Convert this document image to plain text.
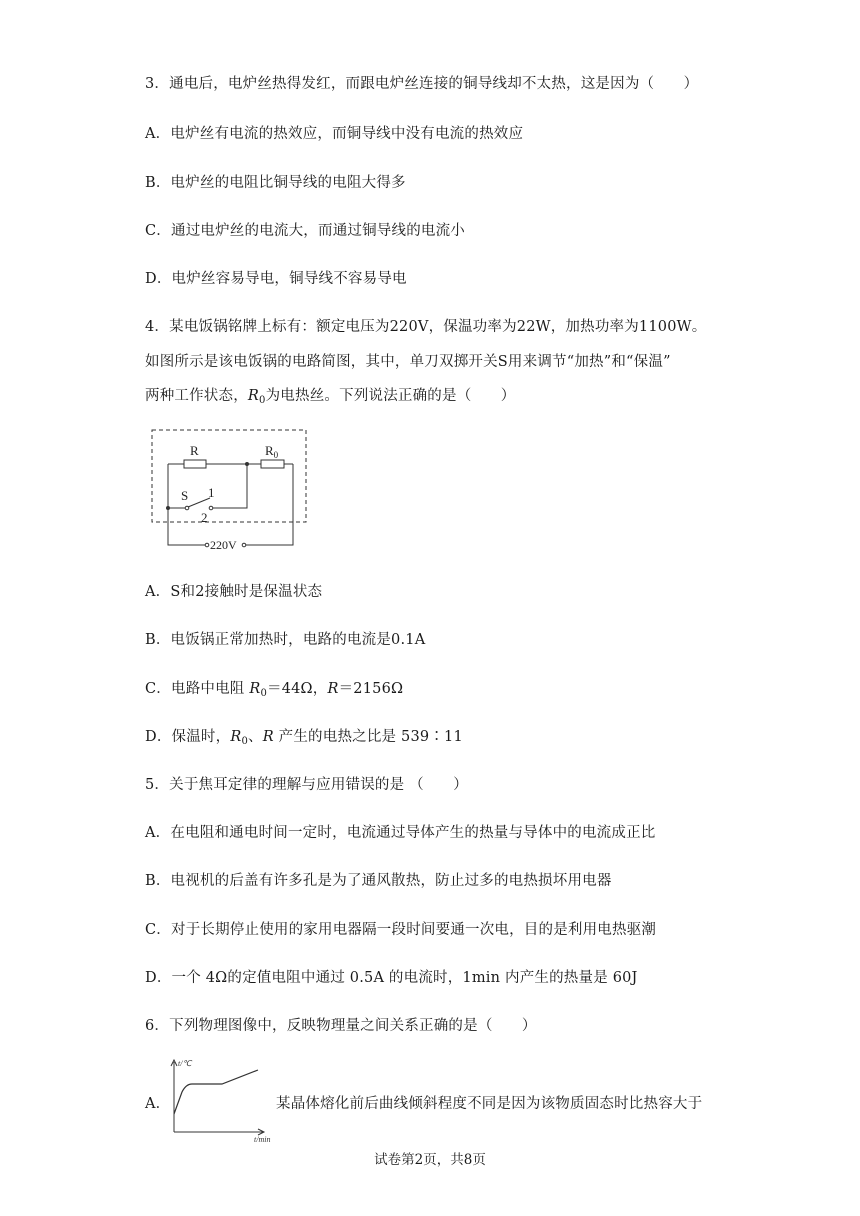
3．通电后，电炉丝热得发红，而跟电炉丝连接的铜导线却不太热，这是因为（　　）
A．电炉丝有电流的热效应，而铜导线中没有电流的热效应
B．电炉丝的电阻比铜导线的电阻大得多
C．通过电炉丝的电流大，而通过铜导线的电流小
D．电炉丝容易导电，铜导线不容易导电
4．某电饭锅铭牌上标有：额定电压为220V，保温功率为22W，加热功率为1100W。
如图所示是该电饭锅的电路简图，其中，单刀双掷开关S用来调节“加热”和“保温”
两种工作状态，$R_0$为电热丝。下列说法正确的是（　　）
R	$R_0$
S 1
2
220V
A．S和2接触时是保温状态
B．电饭锅正常加热时，电路的电流是0.1A
C．电路中电阻 $R_0=44\Omega$，R＝2156Ω
D．保温时，$R_0$、R 产生的电热之比是 539∶11
5．关于焦耳定律的理解与应用错误的是 （　　）
A．在电阻和通电时间一定时，电流通过导体产生的热量与导体中的电流成正比
B．电视机的后盖有许多孔是为了通风散热，防止过多的电热损坏用电器
C．对于长期停止使用的家用电器隔一段时间要通一次电，目的是利用电热驱潮
D．一个 4Ω的定值电阻中通过 0.5A 的电流时，1min 内产生的热量是 60J
6．下列物理图像中，反映物理量之间关系正确的是（　　）
A．
t/℃
t/min
某晶体熔化前后曲线倾斜程度不同是因为该物质固态时比热容大于
试卷第2页，共8页
